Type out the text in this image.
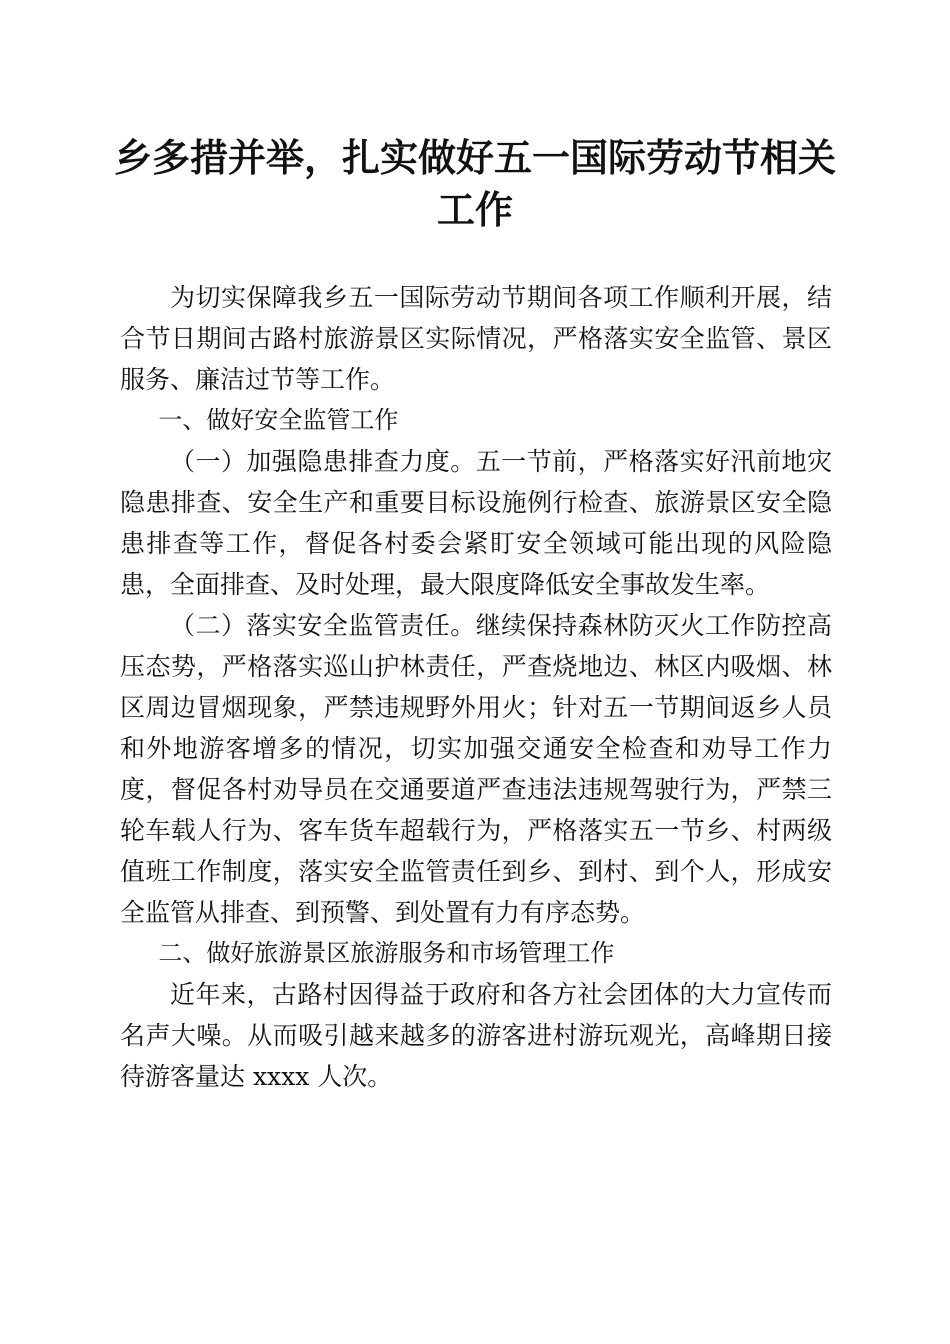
乡多措并举，扎实做好五一国际劳动节相关工作

为切实保障我乡五一国际劳动节期间各项工作顺利开展，结合节日期间古路村旅游景区实际情况，严格落实安全监管、景区服务、廉洁过节等工作。

一、做好安全监管工作

（一）加强隐患排查力度。五一节前，严格落实好汛前地灾隐患排查、安全生产和重要目标设施例行检查、旅游景区安全隐患排查等工作，督促各村委会紧盯安全领域可能出现的风险隐患，全面排查、及时处理，最大限度降低安全事故发生率。

（二）落实安全监管责任。继续保持森林防灭火工作防控高压态势，严格落实巡山护林责任，严查烧地边、林区内吸烟、林区周边冒烟现象，严禁违规野外用火；针对五一节期间返乡人员和外地游客增多的情况，切实加强交通安全检查和劝导工作力度，督促各村劝导员在交通要道严查违法违规驾驶行为，严禁三轮车载人行为、客车货车超载行为，严格落实五一节乡、村两级值班工作制度，落实安全监管责任到乡、到村、到个人，形成安全监管从排查、到预警、到处置有力有序态势。

二、做好旅游景区旅游服务和市场管理工作

近年来，古路村因得益于政府和各方社会团体的大力宣传而名声大噪。从而吸引越来越多的游客进村游玩观光，高峰期日接待游客量达 xxxx 人次。
